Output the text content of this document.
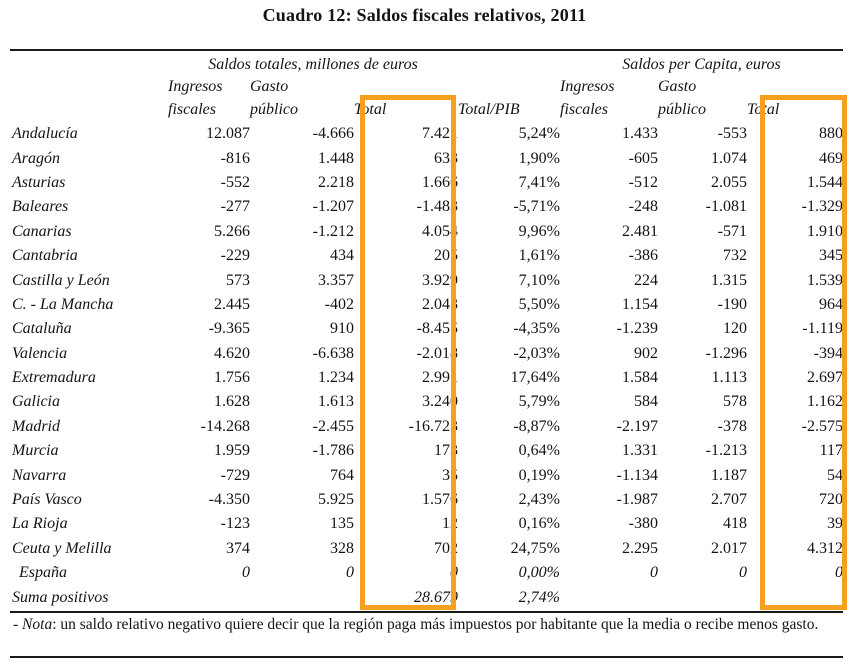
Cuadro 12: Saldos fiscales relativos, 2011
	Saldos totales, millones de euros				Saldos per Capita, euros		
	Ingresos	Gasto			Ingresos	Gasto	
	fiscales	público	Total	Total/PIB	fiscales	público	Total
Andalucía	12.087	-4.666	7.421	5,24%	1.433	-553	880
Aragón	-816	1.448	633	1,90%	-605	1.074	469
Asturias	-552	2.218	1.666	7,41%	-512	2.055	1.544
Baleares	-277	-1.207	-1.483	-5,71%	-248	-1.081	-1.329
Canarias	5.266	-1.212	4.054	9,96%	2.481	-571	1.910
Cantabria	-229	434	205	1,61%	-386	732	345
Castilla y León	573	3.357	3.929	7,10%	224	1.315	1.539
C. - La Mancha	2.445	-402	2.043	5,50%	1.154	-190	964
Cataluña	-9.365	910	-8.455	-4,35%	-1.239	120	-1.119
Valencia	4.620	-6.638	-2.018	-2,03%	902	-1.296	-394
Extremadura	1.756	1.234	2.991	17,64%	1.584	1.113	2.697
Galicia	1.628	1.613	3.240	5,79%	584	578	1.162
Madrid	-14.268	-2.455	-16.723	-8,87%	-2.197	-378	-2.575
Murcia	1.959	-1.786	173	0,64%	1.331	-1.213	117
Navarra	-729	764	35	0,19%	-1.134	1.187	54
País Vasco	-4.350	5.925	1.576	2,43%	-1.987	2.707	720
La Rioja	-123	135	12	0,16%	-380	418	39
Ceuta y Melilla	374	328	702	24,75%	2.295	2.017	4.312
España	0	0	0	0,00%	0	0	0
Suma positivos			28.679	2,74%			

- Nota: un saldo relativo negativo quiere decir que la región paga más impuestos por habitante que la media o recibe menos gasto.
